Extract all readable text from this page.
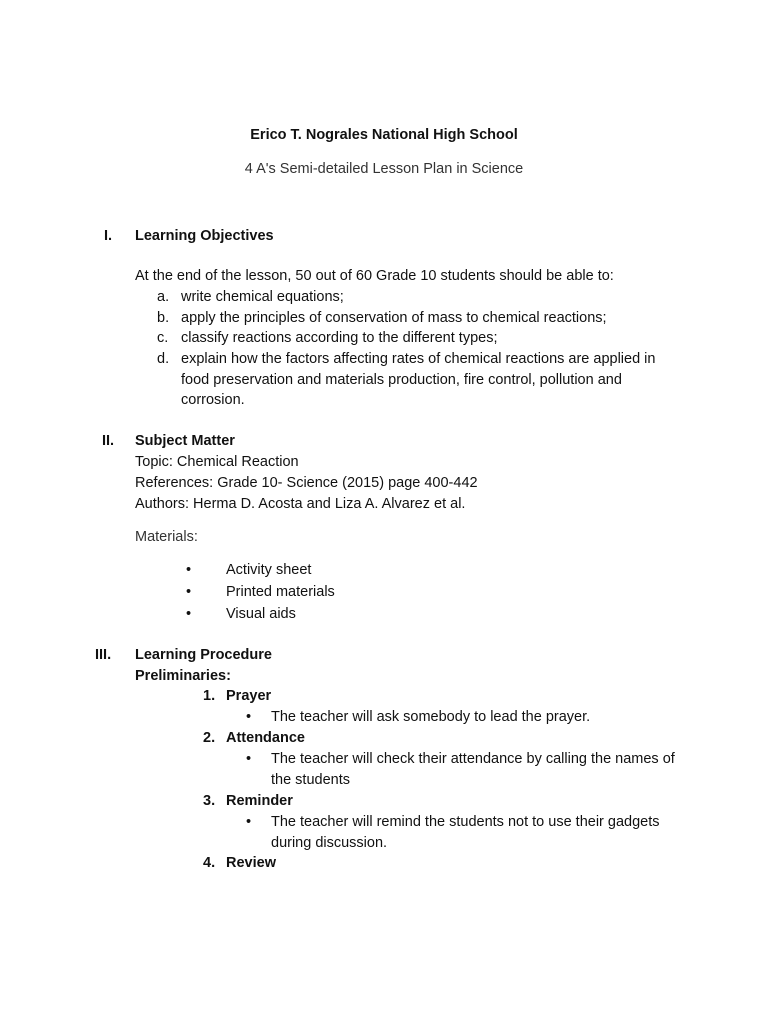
Erico T. Nograles National High School
4 A's Semi-detailed Lesson Plan in Science
I. Learning Objectives
At the end of the lesson, 50 out of 60 Grade 10 students should be able to:
a. write chemical equations;
b. apply the principles of conservation of mass to chemical reactions;
c. classify reactions according to the different types;
d. explain how the factors affecting rates of chemical reactions are applied in food preservation and materials production, fire control, pollution and corrosion.
II. Subject Matter
Topic: Chemical Reaction
References: Grade 10- Science (2015) page 400-442
Authors: Herma D. Acosta and Liza A. Alvarez et al.
Materials:
• Activity sheet
• Printed materials
• Visual aids
III. Learning Procedure
Preliminaries:
1. Prayer
• The teacher will ask somebody to lead the prayer.
2. Attendance
• The teacher will check their attendance by calling the names of the students
3. Reminder
• The teacher will remind the students not to use their gadgets during discussion.
4. Review
